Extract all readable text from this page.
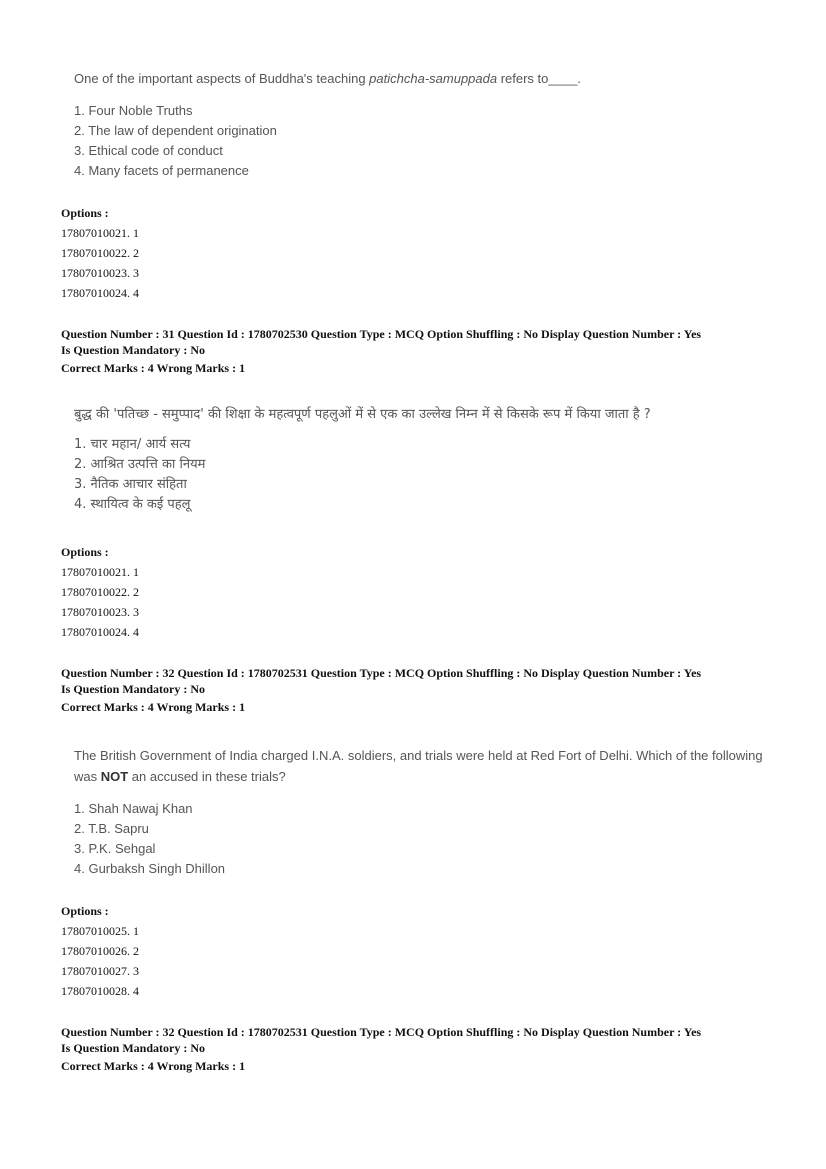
One of the important aspects of Buddha's teaching patichcha-samuppada refers to____.
1. Four Noble Truths
2. The law of dependent origination
3. Ethical code of conduct
4. Many facets of permanence
Options :
17807010021. 1
17807010022. 2
17807010023. 3
17807010024. 4
Question Number : 31 Question Id : 1780702530 Question Type : MCQ Option Shuffling : No Display Question Number : Yes
Is Question Mandatory : No
Correct Marks : 4 Wrong Marks : 1
बुद्ध की 'पतिच्छ - समुप्पाद' की शिक्षा के महत्वपूर्ण पहलुओं में से एक का उल्लेख निम्न में से किसके रूप में किया जाता है ?
1. चार महान/ आर्य सत्य
2. आश्रित उत्पत्ति का नियम
3. नैतिक आचार संहिता
4. स्थायित्व के कई पहलू
Options :
17807010021. 1
17807010022. 2
17807010023. 3
17807010024. 4
Question Number : 32 Question Id : 1780702531 Question Type : MCQ Option Shuffling : No Display Question Number : Yes
Is Question Mandatory : No
Correct Marks : 4 Wrong Marks : 1
The British Government of India charged I.N.A. soldiers, and trials were held at Red Fort of Delhi. Which of the following
was NOT an accused in these trials?
1. Shah Nawaj Khan
2. T.B. Sapru
3. P.K. Sehgal
4. Gurbaksh Singh Dhillon
Options :
17807010025. 1
17807010026. 2
17807010027. 3
17807010028. 4
Question Number : 32 Question Id : 1780702531 Question Type : MCQ Option Shuffling : No Display Question Number : Yes
Is Question Mandatory : No
Correct Marks : 4 Wrong Marks : 1
